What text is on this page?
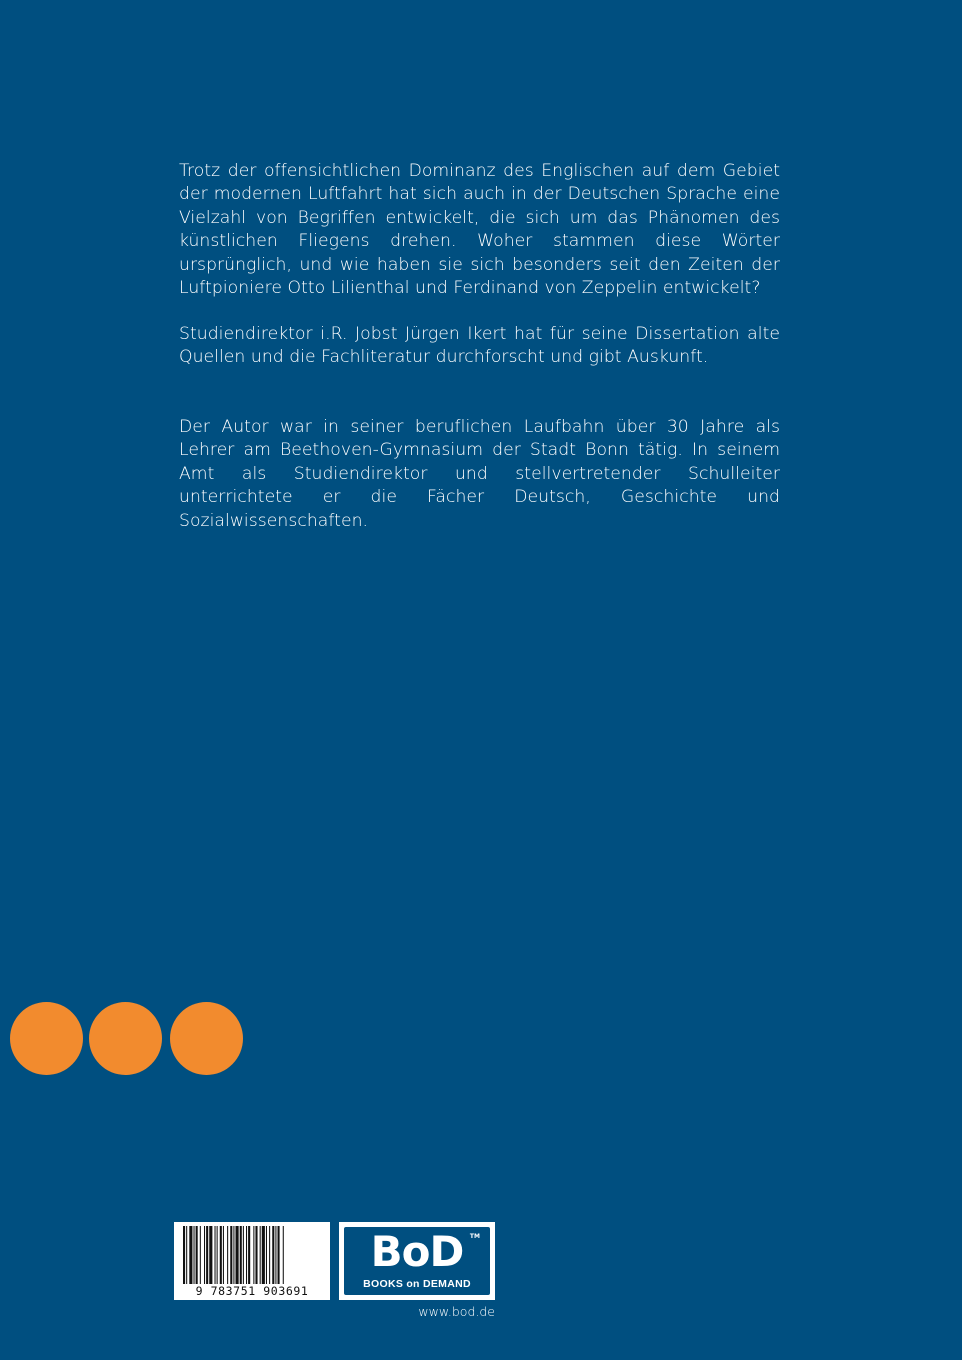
Trotz der offensichtlichen Dominanz des Englischen auf dem Gebiet der modernen Luftfahrt hat sich auch in der Deutschen Sprache eine Vielzahl von Begriffen entwickelt, die sich um das Phänomen des künstlichen Fliegens drehen. Woher stammen diese Wörter ursprünglich, und wie haben sie sich besonders seit den Zeiten der Luftpioniere Otto Lilienthal und Ferdinand von Zeppelin entwickelt?

Studiendirektor i.R. Jobst Jürgen Ikert hat für seine Dissertation alte Quellen und die Fachliteratur durchforscht und gibt Auskunft.

Der Autor war in seiner beruflichen Laufbahn über 30 Jahre als Lehrer am Beethoven-Gymnasium der Stadt Bonn tätig. In seinem Amt als Studiendirektor und stellvertretender Schulleiter unterrichtete er die Fächer Deutsch, Geschichte und Sozialwissenschaften.

9 783751 903691
BoD	TM
BOOKS on DEMAND
www.bod.de
